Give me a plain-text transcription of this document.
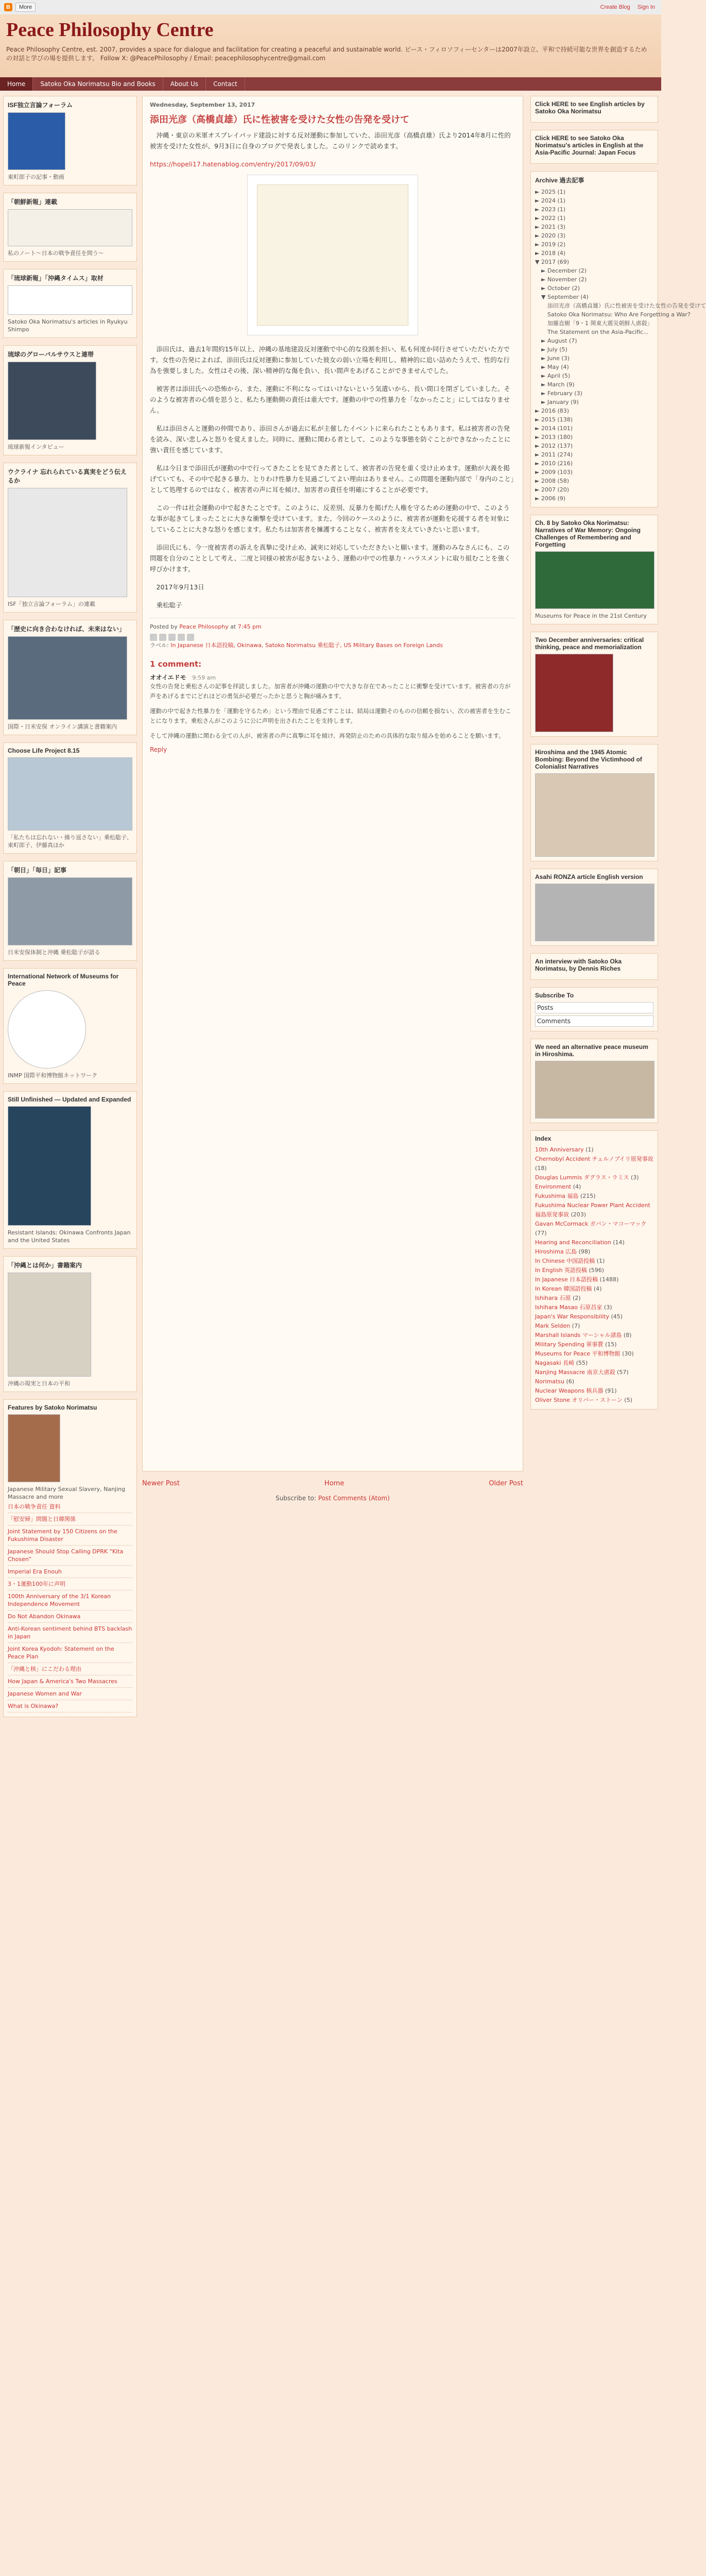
B	More	Create Blog Sign In
Peace Philosophy Centre
Peace Philosophy Centre, est. 2007, provides a space for dialogue and facilitation for creating a peaceful and sustainable world. ピース・フィロソフィーセンターは2007年設立、平和で持続可能な世界を創造するための対話と学びの場を提供します。 Follow X: @PeacePhilosophy / Email: peacephilosophycentre@gmail.com
Home	Satoko Oka Norimatsu Bio and Books	About Us	Contact
ISF独立言論フォーラム
東町郎子の記事・動画
「朝鮮新報」連載
私のノート〜日本の戦争責任を問う〜
「琉球新報」「沖縄タイムス」取材
Satoko Oka Norimatsu's articles in Ryukyu Shimpo
琉球のグローバルサウスと連帯
琉球新報インタビュー
ウクライナ 忘れられている真実をどう伝えるか
ISF「独立言論フォーラム」の連載
「歴史に向き合わなければ、未来はない」
国際・日米安保 オンライン講演と書籍案内
Choose Life Project 8.15
「私たちは忘れない・繰り返さない」乗松聡子、東町郎子、伊藤真ほか
「朝日」「毎日」記事
日米安保体制と沖縄 乗松聡子が語る
International Network of Museums for Peace
INMP 国際平和博物館ネットワーク
Still Unfinished — Updated and Expanded
Resistant Islands: Okinawa Confronts Japan and the United States
「沖縄とは何か」書籍案内
沖縄の現実と日本の平和
Features by Satoko Norimatsu
Japanese Military Sexual Slavery, Nanjing Massacre and more
日本の戦争責任 資料
「慰安婦」問題と日韓関係
Joint Statement by 150 Citizens on the Fukushima Disaster
Japanese Should Stop Calling DPRK “Kita Chosen”
Imperial Era Enouh
3・1運動100年に声明
100th Anniversary of the 3/1 Korean Independence Movement
Do Not Abandon Okinawa
Anti-Korean sentiment behind BTS backlash in Japan
Joint Korea Kyodoh: Statement on the Peace Plan
「沖縄と核」にこだわる理由
How Japan & America's Two Massacres
Japanese Women and War
What is Okinawa?
Wednesday, September 13, 2017
添田光彦（高橋貞雄）氏に性被害を受けた女性の告発を受けて

沖縄・東京の米軍オスプレイパッド建設に対する反対運動に参加していた、添田光彦（高橋貞雄）氏より2014年8月に性的被害を受けた女性が、9月3日に自身のブログで発表しました。このリンクで読めます。

https://hopeli17.hatenablog.com/entry/2017/09/03/

添田氏は、過去1年間約15年以上、沖縄の基地建設反対運動で中心的な役割を担い、私も何度か同行させていただいた方です。女性の告発によれば、添田氏は反対運動に参加していた彼女の弱い立場を利用し、精神的に追い詰めたうえで、性的な行為を強要しました。女性はその後、深い精神的な傷を負い、長い間声をあげることができませんでした。

被害者は添田氏への恐怖から、また、運動に不利になってはいけないという気遣いから、長い間口を閉ざしていました。そのような被害者の心情を思うと、私たち運動側の責任は重大です。運動の中での性暴力を「なかったこと」にしてはなりません。

私は添田さんと運動の仲間であり、添田さんが過去に私が主催したイベントに来られたこともあります。私は被害者の告発を読み、深い悲しみと怒りを覚えました。同時に、運動に関わる者として、このような事態を防ぐことができなかったことに強い責任を感じています。

私は今日まで添田氏が運動の中で行ってきたことを見てきた者として、被害者の告発を重く受け止めます。運動が大義を掲げていても、その中で起きる暴力、とりわけ性暴力を見過ごしてよい理由はありません。この問題を運動内部で「身内のこと」として処理するのではなく、被害者の声に耳を傾け、加害者の責任を明確にすることが必要です。

この一件は社会運動の中で起きたことです。このように、反差別、反暴力を掲げた人権を守るための運動の中で、このような事が起きてしまったことに大きな衝撃を受けています。また、今回のケースのように、被害者が運動を応援する者を対象にしていることに大きな怒りを感じます。私たちは加害者を擁護することなく、被害者を支えていきたいと思います。

添田氏にも、今一度被害者の訴えを真摯に受け止め、誠実に対応していただきたいと願います。運動のみなさんにも、この問題を自分のこととして考え、二度と同様の被害が起きないよう、運動の中での性暴力・ハラスメントに取り組むことを強く呼びかけます。

2017年9月13日

乗松聡子

Posted by Peace Philosophy at 7:45 pm
ラベル: In Japanese 日本語投稿, Okinawa, Satoko Norimatsu 乗松聡子, US Military Bases on Foreign Lands
1 comment:
オオイエドモ 9:59 am

女性の告発と乗松さんの記事を拝読しました。加害者が沖縄の運動の中で大きな存在であったことに衝撃を受けています。被害者の方が声をあげるまでにどれほどの勇気が必要だったかと思うと胸が痛みます。

運動の中で起きた性暴力を「運動を守るため」という理由で見過ごすことは、結局は運動そのものの信頼を損ない、次の被害者を生むことになります。乗松さんがこのように公に声明を出されたことを支持します。

そして沖縄の運動に関わる全ての人が、被害者の声に真摯に耳を傾け、再発防止のための具体的な取り組みを始めることを願います。

Reply
Newer Post	Home	Older Post
Subscribe to: Post Comments (Atom)
Click HERE to see English articles by Satoko Oka Norimatsu
Click HERE to see Satoko Oka Norimatsu's articles in English at the Asia-Pacific Journal: Japan Focus
Archive 過去記事
► 2025 (1)
► 2024 (1)
► 2023 (1)
► 2022 (1)
► 2021 (3)
► 2020 (3)
► 2019 (2)
► 2018 (4)
▼ 2017 (69)
► December (2)
► November (2)
► October (2)
▼ September (4)
添田光彦（高橋貞雄）氏に性被害を受けた女性の告発を受けて
Satoko Oka Norimatsu: Who Are Forgetting a War?
加藤直樹「9・1 関東大震災朝鮮人虐殺」
The Statement on the Asia-Pacific...
► August (7)
► July (5)
► June (3)
► May (4)
► April (5)
► March (9)
► February (3)
► January (9)
► 2016 (83)
► 2015 (138)
► 2014 (101)
► 2013 (180)
► 2012 (137)
► 2011 (274)
► 2010 (216)
► 2009 (103)
► 2008 (58)
► 2007 (20)
► 2006 (9)
Ch. 8 by Satoko Oka Norimatsu: Narratives of War Memory: Ongoing Challenges of Remembering and Forgetting
Museums for Peace in the 21st Century
Two December anniversaries: critical thinking, peace and memorialization
Hiroshima and the 1945 Atomic Bombing: Beyond the Victimhood of Colonialist Narratives
Asahi RONZA article English version
An interview with Satoko Oka Norimatsu, by Dennis Riches
Subscribe To
Posts
Comments
We need an alternative peace museum in Hiroshima.
Index
10th Anniversary (1)
Chernobyl Accident チェルノブイリ原発事故 (18)
Douglas Lummis ダグラス・ラミス (3)
Environment (4)
Fukushima 福島 (215)
Fukushima Nuclear Power Plant Accident 福島原発事故 (203)
Gavan McCormack ガバン・マコーマック (77)
Hearing and Reconciliation (14)
Hiroshima 広島 (98)
In Chinese 中国語投稿 (1)
In English 英語投稿 (596)
In Japanese 日本語投稿 (1488)
In Korean 韓国語投稿 (4)
Ishihara 石原 (2)
Ishihara Masao 石原昌家 (3)
Japan's War Responsibility (45)
Mark Selden (7)
Marshall Islands マーシャル諸島 (8)
Military Spending 軍事費 (15)
Museums for Peace 平和博物館 (30)
Nagasaki 長崎 (55)
Nanjing Massacre 南京大虐殺 (57)
Norimatsu (6)
Nuclear Weapons 核兵器 (91)
Oliver Stone オリバー・ストーン (5)
